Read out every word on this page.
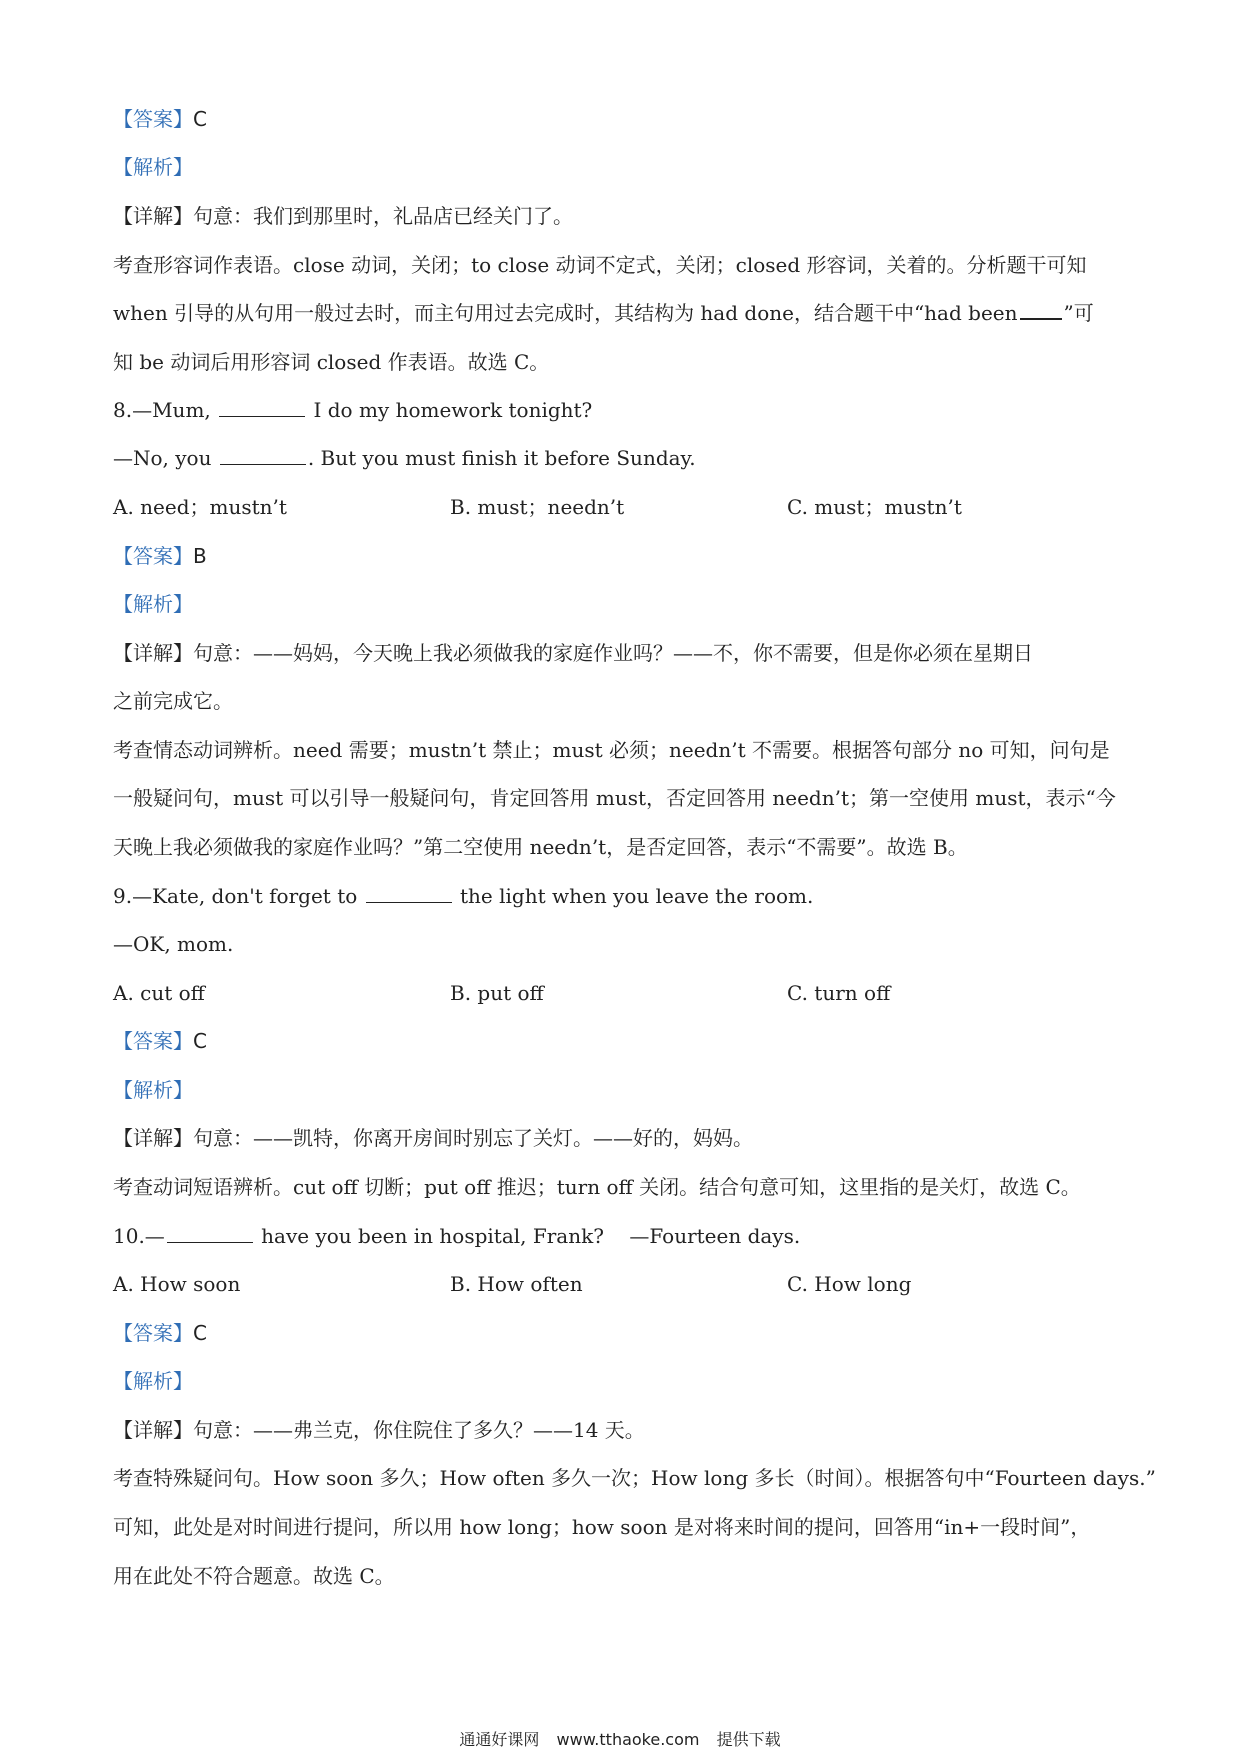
【答案】C
【解析】
【详解】句意：我们到那里时，礼品店已经关门了。
考查形容词作表语。close 动词，关闭；to close 动词不定式，关闭；closed 形容词，关着的。分析题干可知
when 引导的从句用一般过去时，而主句用过去完成时，其结构为 had done，结合题干中“had been ”可
知 be 动词后用形容词 closed 作表语。故选 C。
8.—Mum,	I do my homework tonight?
—No, you	. But you must finish it before Sunday.
A. need；mustn’t	B. must；needn’t	C. must；mustn’t
【答案】B
【解析】
【详解】句意：——妈妈，今天晚上我必须做我的家庭作业吗？——不，你不需要，但是你必须在星期日
之前完成它。
考查情态动词辨析。need 需要；mustn’t 禁止；must 必须；needn’t 不需要。根据答句部分 no 可知，问句是
一般疑问句，must 可以引导一般疑问句，肯定回答用 must，否定回答用 needn’t；第一空使用 must，表示“今
天晚上我必须做我的家庭作业吗？”第二空使用 needn’t，是否定回答，表示“不需要”。故选 B。
9.—Kate, don't forget to	the light when you leave the room.
—OK, mom.
A. cut off	B. put off	C. turn off
【答案】C
【解析】
【详解】句意：——凯特，你离开房间时别忘了关灯。——好的，妈妈。
考查动词短语辨析。cut off 切断；put off 推迟；turn off 关闭。结合句意可知，这里指的是关灯，故选 C。
10.—	have you been in hospital, Frank?    —Fourteen days.
A. How soon	B. How often	C. How long
【答案】C
【解析】
【详解】句意：——弗兰克，你住院住了多久？——14 天。
考查特殊疑问句。How soon 多久；How often 多久一次；How long 多长（时间）。根据答句中“Fourteen days.”
可知，此处是对时间进行提问，所以用 how long；how soon 是对将来时间的提问，回答用“in+一段时间”，
用在此处不符合题意。故选 C。
通通好课网 www.tthaoke.com 提供下载
